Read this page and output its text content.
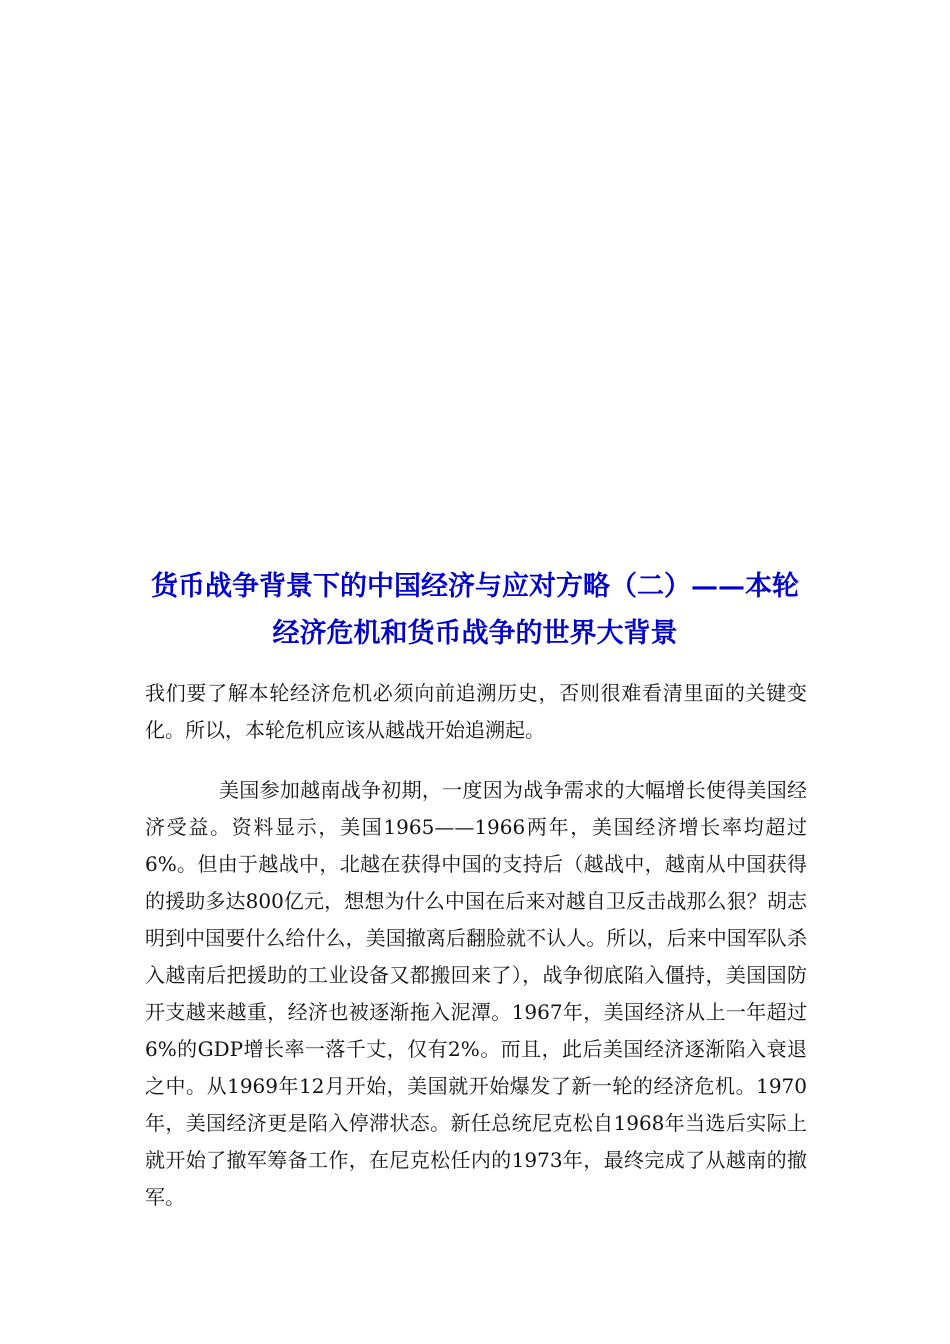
货币战争背景下的中国经济与应对方略（二）——本轮经济危机和货币战争的世界大背景

我们要了解本轮经济危机必须向前追溯历史，否则很难看清里面的关键变化。所以，本轮危机应该从越战开始追溯起。

美国参加越南战争初期，一度因为战争需求的大幅增长使得美国经济受益。资料显示，美国1965——1966两年，美国经济增长率均超过6%。但由于越战中，北越在获得中国的支持后（越战中，越南从中国获得的援助多达800亿元，想想为什么中国在后来对越自卫反击战那么狠？胡志明到中国要什么给什么，美国撤离后翻脸就不认人。所以，后来中国军队杀入越南后把援助的工业设备又都搬回来了），战争彻底陷入僵持，美国国防开支越来越重，经济也被逐渐拖入泥潭。1967年，美国经济从上一年超过6%的GDP增长率一落千丈，仅有2%。而且，此后美国经济逐渐陷入衰退之中。从1969年12月开始，美国就开始爆发了新一轮的经济危机。1970年，美国经济更是陷入停滞状态。新任总统尼克松自1968年当选后实际上就开始了撤军筹备工作，在尼克松任内的1973年，最终完成了从越南的撤军。
